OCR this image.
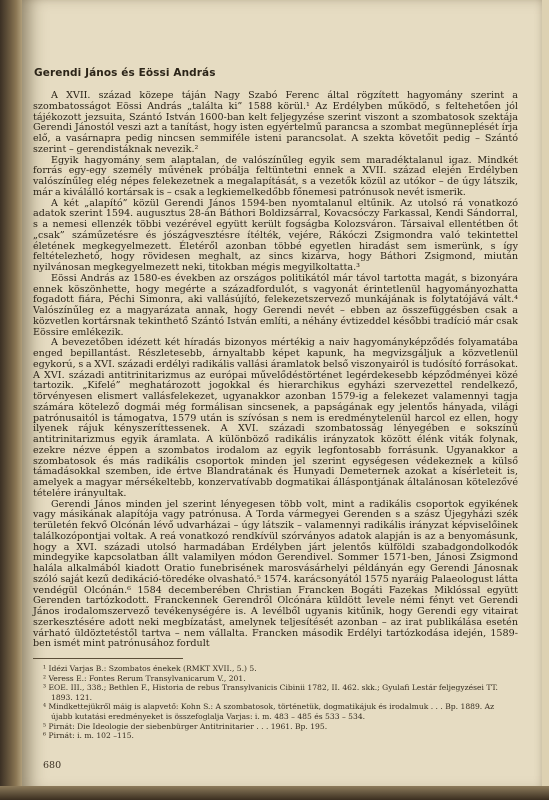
Gerendi János és Eössi András

A XVII. század közepe táján Nagy Szabó Ferenc által rögzített hagyomány szerint a szombatosságot Eössi András „találta ki” 1588 körül.¹ Az Erdélyben működő, s feltehetően jól tájékozott jezsuita, Szántó István 1600-ban kelt feljegyzése szerint viszont a szombatosok szektája Gerendi Jánostól veszi azt a tanítást, hogy isten egyértelmű parancsa a szombat megünneplését írja elő, a vasárnapra pedig nincsen semmiféle isteni parancsolat. A szekta követőit pedig – Szántó szerint – gerendistáknak nevezik.²

Egyik hagyomány sem alaptalan, de valószínűleg egyik sem maradéktalanul igaz. Mindkét forrás egy-egy személy művének próbálja feltüntetni ennek a XVII. század elején Erdélyben valószínűleg elég népes felekezetnek a megalapítását, s a vezetők közül az utókor – de úgy látszik, már a kiválálló kortársak is – csak a legkiemelkedőbb főnemesi patrónusok nevét ismerik.

A két „alapító” közül Gerendi János 1594-ben nyomtalanul eltűnik. Az utolsó rá vonatkozó adatok szerint 1594. augusztus 28-án Báthori Boldizsárral, Kovacsóczy Farkassal, Kendi Sándorral, s a nemesi ellenzék többi vezérével együtt került fogságba Kolozsváron. Társaival ellentétben őt „csak” száműzetésre és jószágvesztésre ítélték, vejére, Rákóczi Zsigmondra való tekintettel életének megkegyelmezett. Életéről azonban többé egyetlen hiradást sem ismerünk, s így feltételezhető, hogy rövidesen meghalt, az sincs kizárva, hogy Báthori Zsigmond, miután nyilvánosan megkegyelmezett neki, titokban mégis megyilkoltatta.³

Eössi András az 1580-es években az országos politikától már távol tartotta magát, s bizonyára ennek köszönhette, hogy megérte a századfordulót, s vagyonát érintetlenül hagyományozhatta fogadott fiára, Péchi Simonra, aki vallásújító, felekezetszervező munkájának is folytatójává vált.⁴ Valószínűleg ez a magyarázata annak, hogy Gerendi nevét – ebben az összefüggésben csak a közvetlen kortársnak tekinthető Szántó István említi, a néhány évtizeddel későbbi tradíció már csak Eössire emlékezik.

A bevezetőben idézett két híradás bizonyos mértékig a naiv hagyományképződés folyamatába enged bepillantást. Részletesebb, árnyaltabb képet kapunk, ha megvizsgáljuk a közvetlenül egykorú, s a XVI. századi erdélyi radikális vallási áramlatok belső viszonyairól is tudósító forrásokat. A XVI. századi antitrinitarizmus az európai művelődéstörténet legérdekesebb képződményei közé tartozik. „Kifelé” meghatározott jogokkal és hierarchikus egyházi szervezettel rendelkező, törvényesen elismert vallásfelekezet, ugyanakkor azonban 1579-ig a felekezet valamennyi tagja számára kötelező dogmái még formálisan sincsenek, a papságának egy jelentős hányada, világi patrónusaitól is támogatva, 1579 után is szívósan s nem is eredménytelenül harcol ez ellen, hogy ilyenek rájuk kényszeríttessenek. A XVI. századi szombatosság lényegében e sokszínű antitrinitarizmus egyik áramlata. A különböző radikális irányzatok között élénk viták folynak, ezekre nézve éppen a szombatos irodalom az egyik legfontosabb forrásunk. Ugyanakkor a szombatosok és más radikális csoportok minden jel szerint egységesen védekeznek a külső támadásokkal szemben, ide értve Blandratának és Hunyadi Demeternek azokat a kísérleteit is, amelyek a magyar mérsékeltebb, konzervatívabb dogmatikai álláspontjának általánosan kötelezővé tételére irányultak.

Gerendi János minden jel szerint lényegesen több volt, mint a radikális csoportok egyikének vagy másikának alapítója vagy patrónusa. A Torda vármegyei Gerenden s a szász Újegyházi szék területén fekvő Olcónán lévő udvarházai – úgy látszik – valamennyi radikális irányzat képviselőinek találkozópontjai voltak. A reá vonatkozó rendkívül szórványos adatok alapján is az a benyomásunk, hogy a XVI. századi utolsó harmadában Erdélyben járt jelentős külföldi szabadgondolkodók mindegyike kapcsolatban állt valamilyen módon Gerendivel. Sommer 1571-ben, Jánosi Zsigmond halála alkalmából kiadott Oratio funebrisének marosvásárhelyi példányán egy Gerendi Jánosnak szóló saját kezű dedikáció-töredéke olvasható.⁵ 1574. karácsonyától 1575 nyaráig Palaeologust látta vendégül Olcónán.⁶ 1584 decemberében Christian Francken Bogáti Fazekas Miklóssal együtt Gerenden tartózkodott. Franckennek Gerendről Olcónára küldött levele némi fényt vet Gerendi János irodalomszervező tevékenységére is. A levélből ugyanis kitűnik, hogy Gerendi egy vitairat szerkesztésére adott neki megbízatást, amelynek teljesítését azonban – az irat publikálása esetén várható üldöztetéstől tartva – nem vállalta. Francken második Erdélyi tartózkodása idején, 1589-ben ismét mint patrónusához fordult

¹ Idézi Varjas B.: Szombatos énekek (RMKT XVII., 5.) 5.

² Veress E.: Fontes Rerum Transylvanicarum V., 201.

³ EOE. III., 338.; Bethlen F., Historia de rebus Transylvanicis Cibinii 1782, II. 462. skk.; Gyulafi Lestár feljegyzései TT. 1893. 121.

⁴ Mindkettejükről máig is alapvető: Kohn S.: A szombatosok, történetük, dogmatikájuk és irodalmuk . . . Bp. 1889. Az újabb kutatási eredményeket is összefoglalja Varjas: i. m. 483 – 485 és 533 – 534.

⁵ Pirnát: Die Ideologie der siebenbürger Antitrinitarier . . . 1961. Bp. 195.

⁶ Pirnát: i. m. 102 –115.

680
